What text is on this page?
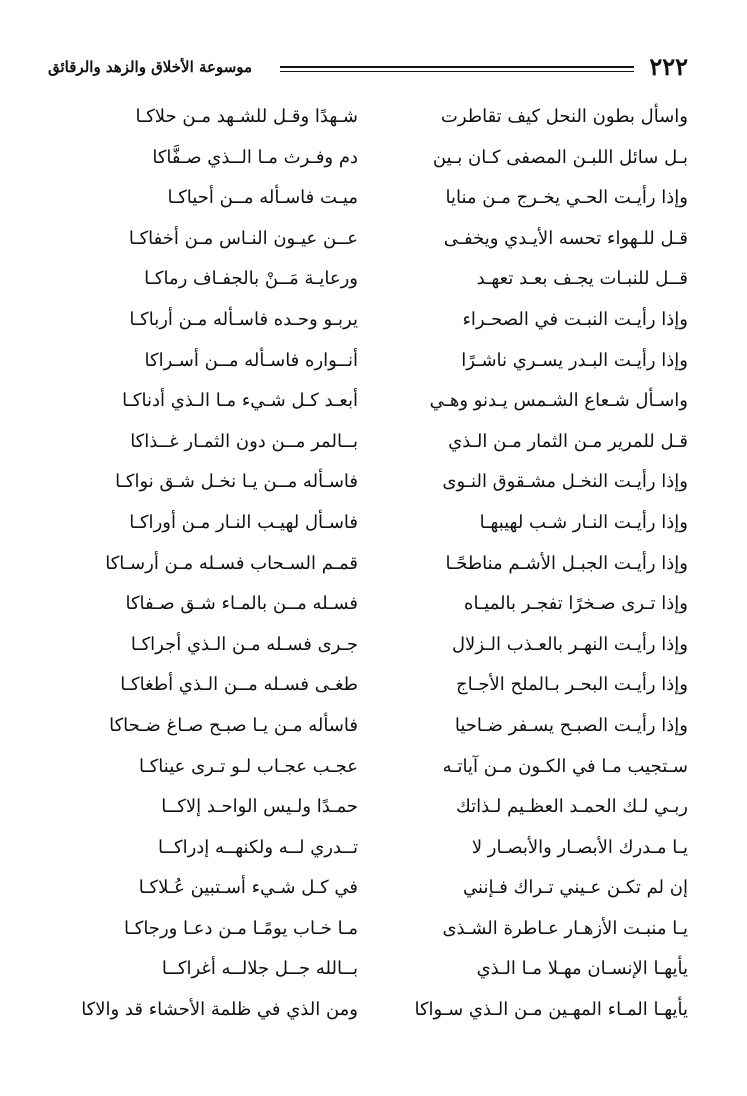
٢٢٢
موسوعة الأخلاق والزهد والرقائق
واسأل بطون النحل كيف تقاطرت
شـهدًا وقـل للشـهد مـن حلاكـا
بـل سائل اللبـن المصفى كـان بـين
دم وفـرث مـا الــذي صـفَّاكا
وإذا رأيـت الحـي يخـرج مـن منايا
ميـت فاسـأله مــن أحياكـا
قـل للـهواء تحسه الأيـدي ويخفـى
عــن عيـون النـاس مـن أخفاكـا
قــل للنبـات يجـف بعـد تعهـد
ورعايـة مَــنْ بالجفـاف رماكـا
وإذا رأيـت النبـت في الصحـراء
يربـو وحـده فاسـأله مـن أرباكـا
وإذا رأيـت البـدر يسـري ناشـرًا
أنــواره فاسـأله مــن أسـراكا
واسـأل شـعاع الشـمس يـدنو وهـي
أبعـد كـل شـيء مـا الـذي أدناكـا
قـل للمرير مـن الثمار مـن الـذي
بــالمر مــن دون الثمـار غــذاكا
وإذا رأيـت النخـل مشـقوق النـوى
فاسـأله مــن يـا نخـل شـق نواكـا
وإذا رأيـت النـار شـب لهيبهـا
فاسـأل لهيـب النـار مـن أوراكـا
وإذا رأيـت الجبـل الأشـم مناطحًـا
قمـم السـحاب فسـله مـن أرسـاكا
وإذا تـرى صـخرًا تفجـر بالميـاه
فسـله مــن بالمـاء شـق صـفاكا
وإذا رأيـت النهـر بالعـذب الـزلال
جـرى فسـله مـن الـذي أجراكـا
وإذا رأيـت البحـر بـالملح الأجـاج
طغـى فسـله مــن الـذي أطغاكـا
وإذا رأيـت الصبـح يسـفر ضـاحيا
فاسأله مـن يـا صبـح صـاغ ضـحاكا
سـتجيب مـا في الكـون مـن آياتـه
عجـب عجـاب لـو تـرى عيناكـا
ربـي لـك الحمـد العظـيم لـذاتك
حمـدًا ولـيس الواحـد إلاكــا
يـا مـدرك الأبصـار والأبصـار لا
تــدري لــه ولكنهــه إدراكــا
إن لم تكـن عـيني تـراك فـإنني
في كـل شـيء أسـتبين عُـلاكـا
يـا منبـت الأزهـار عـاطرة الشـذى
مـا خـاب يومًـا مـن دعـا ورجاكـا
يأيهـا الإنسـان مهـلا مـا الـذي
بــالله جــل جلالــه أغراكــا
يأيهـا المـاء المهـين مـن الـذي سـواكا
ومن الذي في ظلمة الأحشاء قد والاكا
